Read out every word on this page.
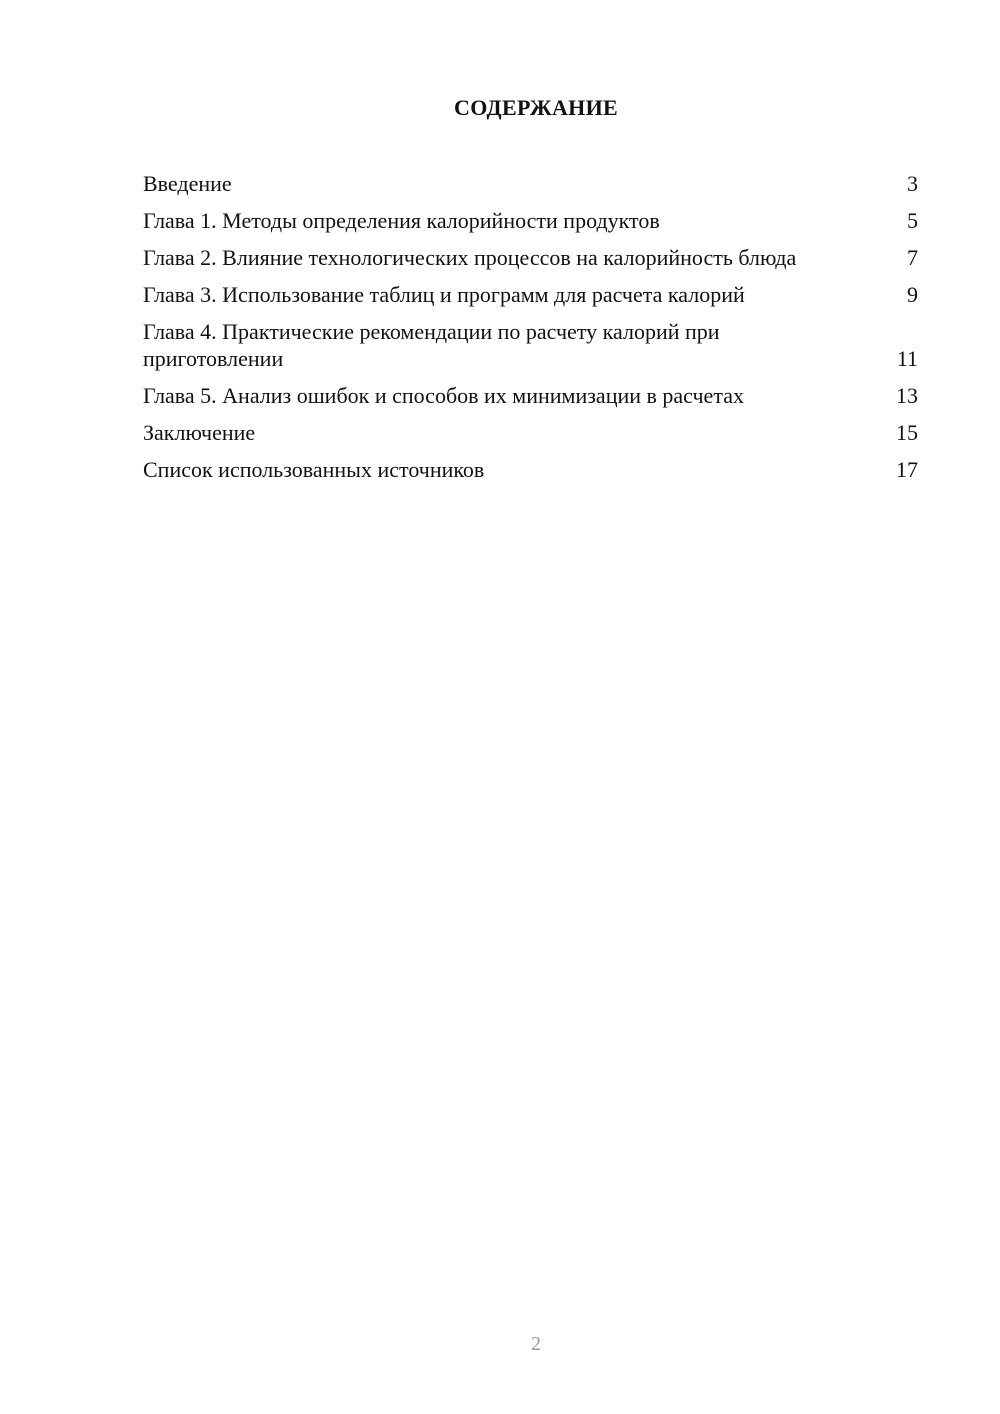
СОДЕРЖАНИЕ
Введение	3
Глава 1. Методы определения калорийности продуктов	5
Глава 2. Влияние технологических процессов на калорийность блюда	7
Глава 3. Использование таблиц и программ для расчета калорий	9
Глава 4. Практические рекомендации по расчету калорий при приготовлении	11
Глава 5. Анализ ошибок и способов их минимизации в расчетах	13
Заключение	15
Список использованных источников	17
2
